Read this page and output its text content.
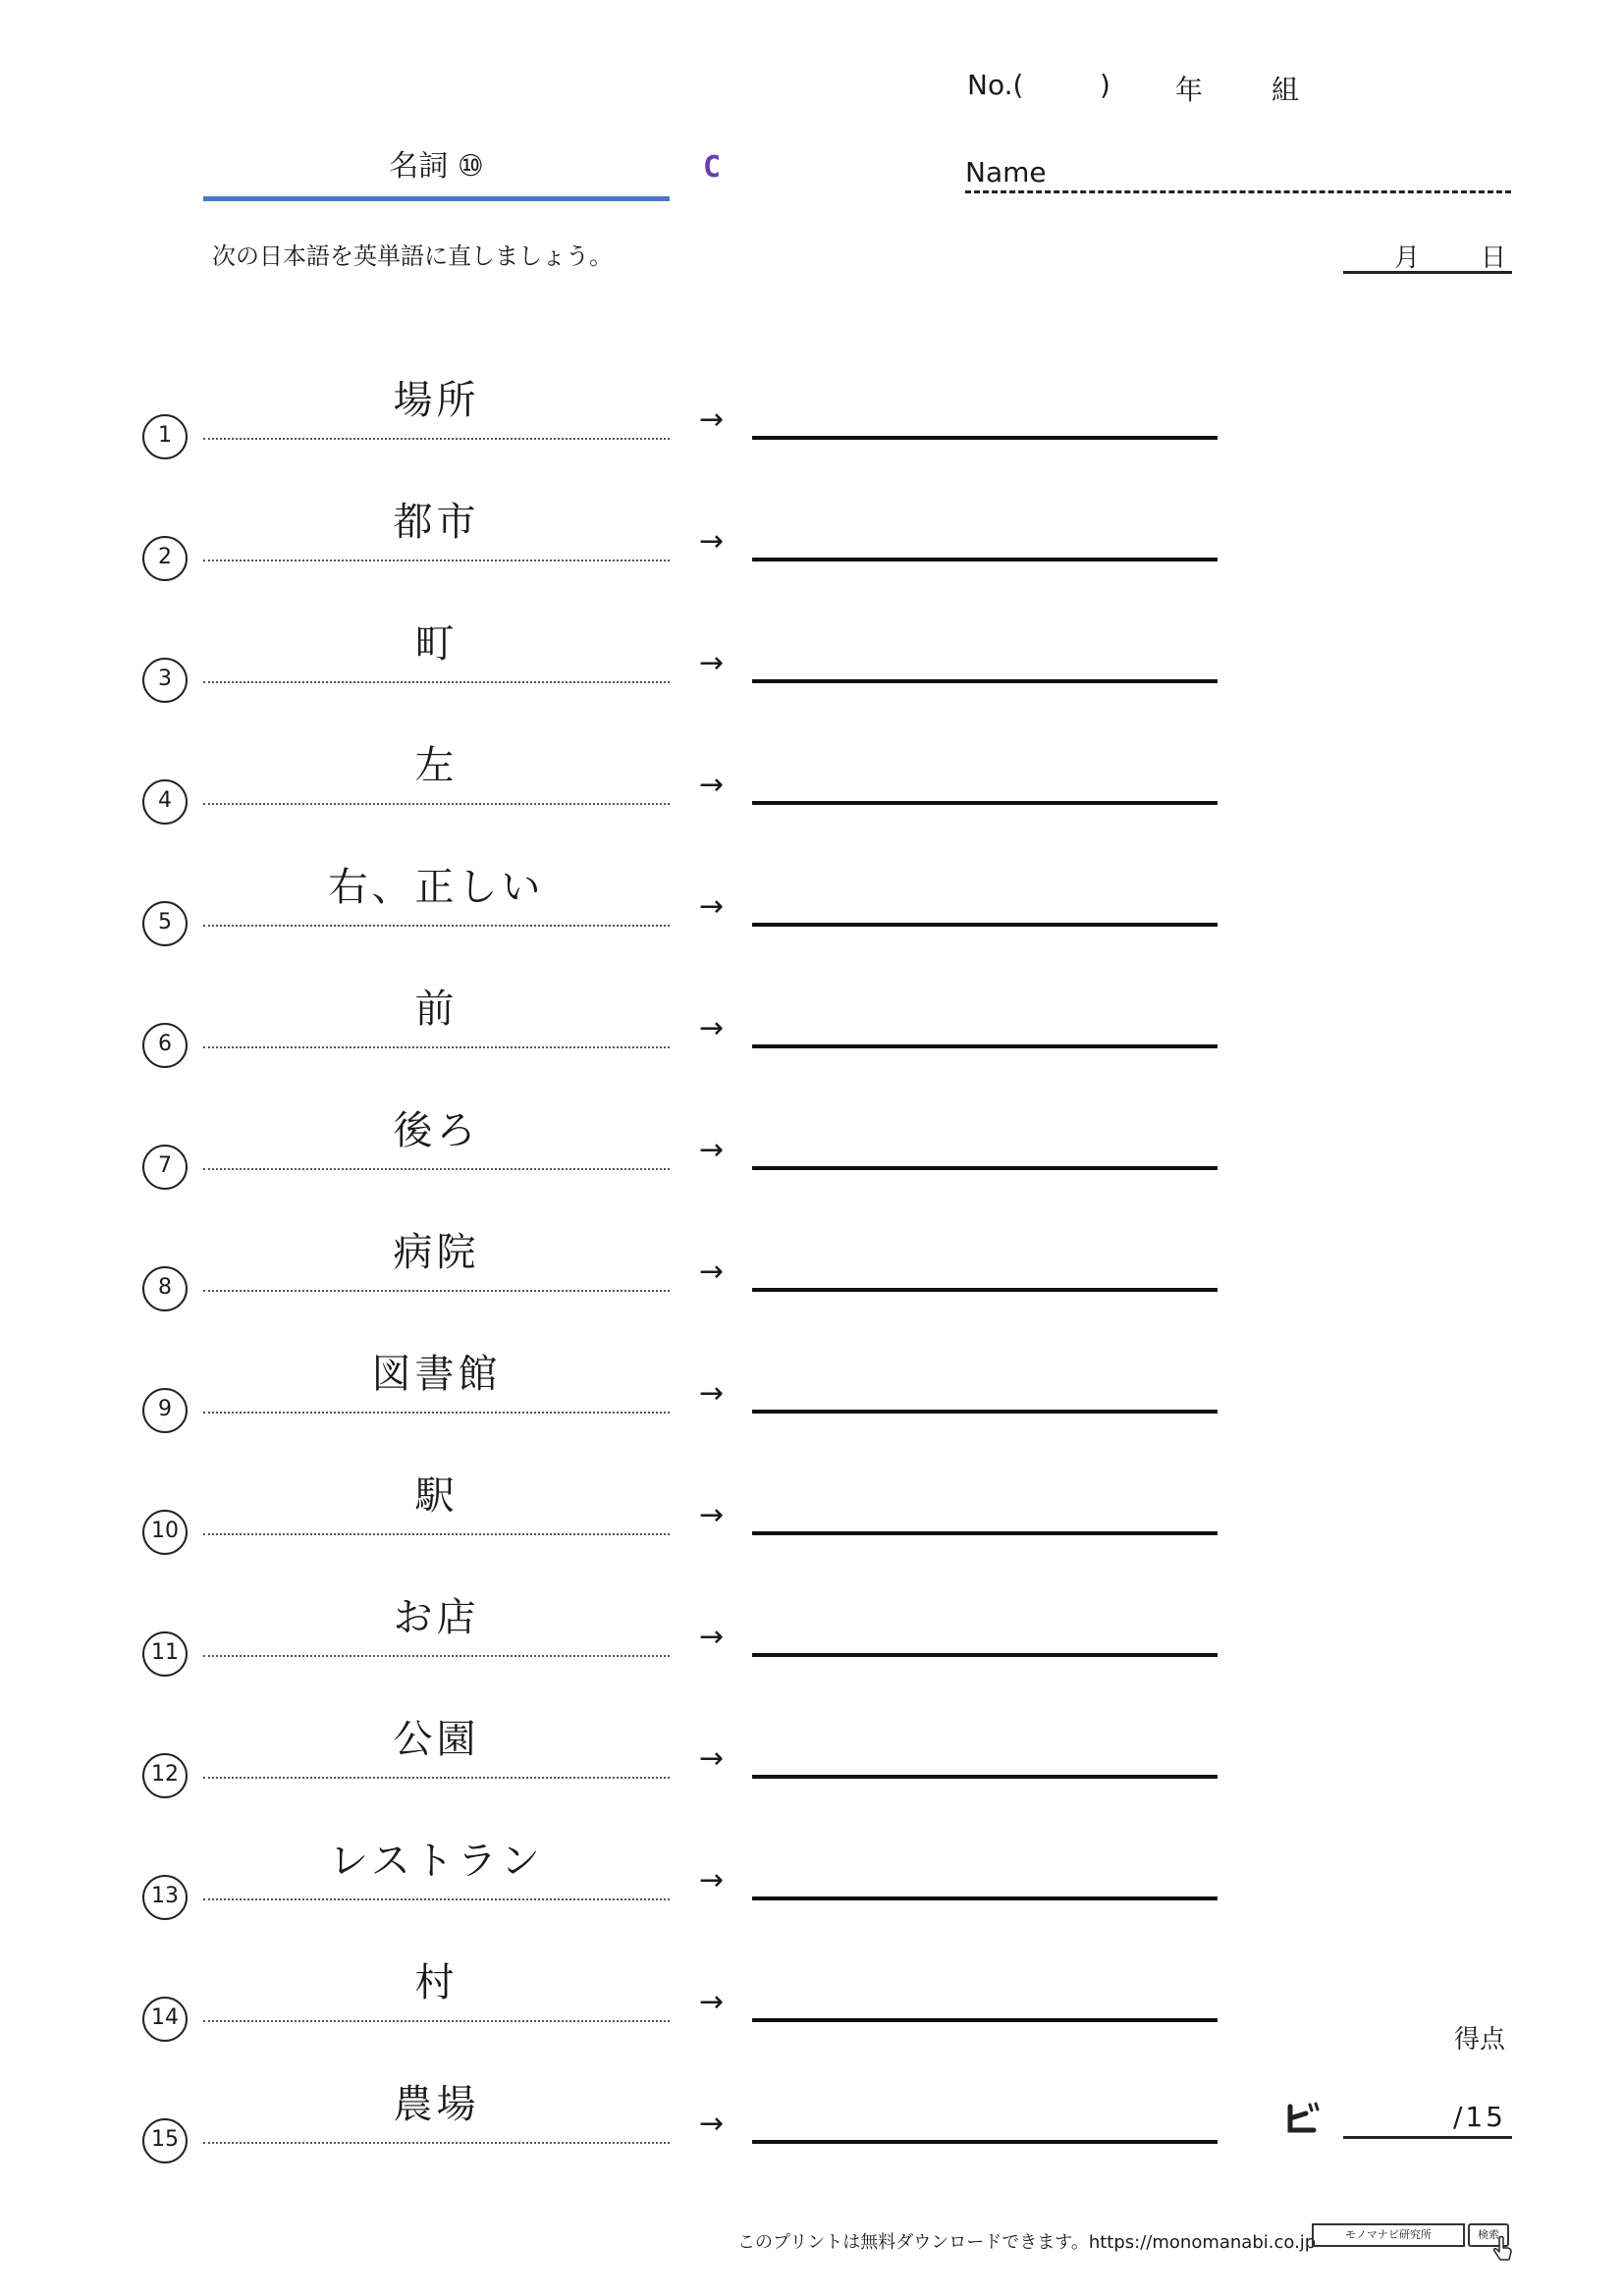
No.(	) 年 組
名詞 ⑩	C	Name
次の日本語を英単語に直しましょう。	月 日
1
場所	→
2
都市	→
3
町	→
4
左	→
5
右、正しい	→
6
前	→
7
後ろ	→
8
病院	→
9
図書館	→
10
駅	→
11
お店	→
12
公園	→
13
レストラン	→
14
村	→
15
農場	→
得点
/15
このプリントは無料ダウンロードできます。https://monomanabi.co.jp	モノマナビ研究所	検索
